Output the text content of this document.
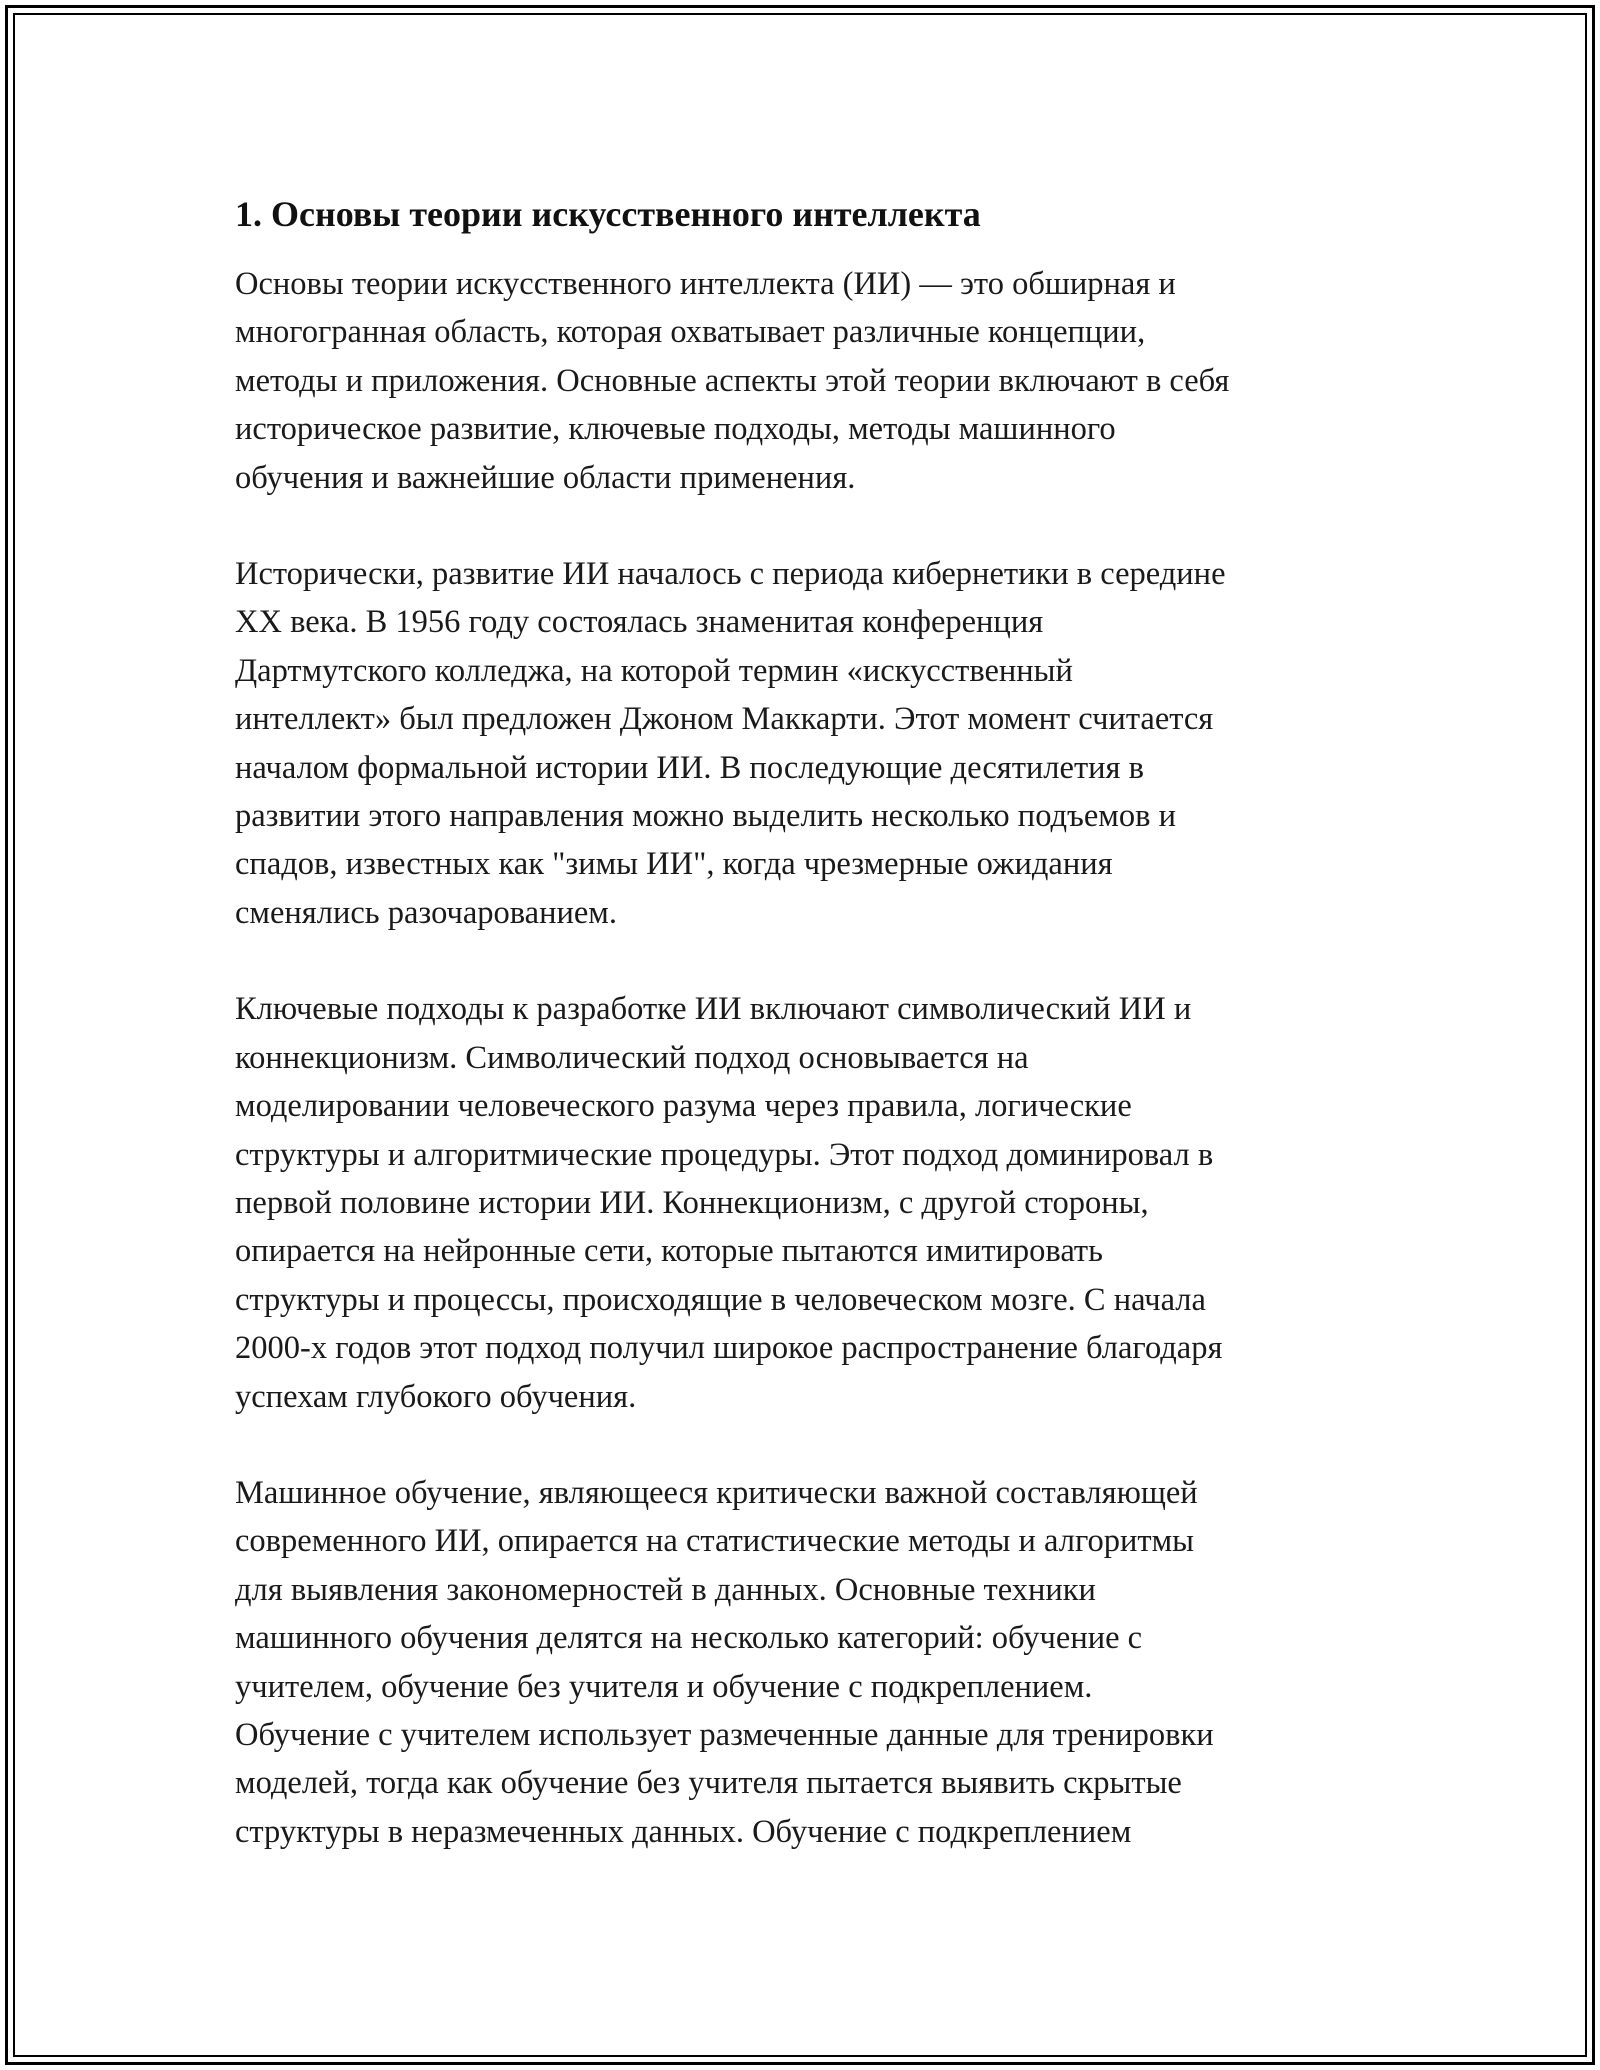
1. Основы теории искусственного интеллекта

Основы теории искусственного интеллекта (ИИ) — это обширная и
многогранная область, которая охватывает различные концепции,
методы и приложения. Основные аспекты этой теории включают в себя
историческое развитие, ключевые подходы, методы машинного
обучения и важнейшие области применения.

Исторически, развитие ИИ началось с периода кибернетики в середине
XX века. В 1956 году состоялась знаменитая конференция
Дартмутского колледжа, на которой термин «искусственный
интеллект» был предложен Джоном Маккарти. Этот момент считается
началом формальной истории ИИ. В последующие десятилетия в
развитии этого направления можно выделить несколько подъемов и
спадов, известных как "зимы ИИ", когда чрезмерные ожидания
сменялись разочарованием.

Ключевые подходы к разработке ИИ включают символический ИИ и
коннекционизм. Символический подход основывается на
моделировании человеческого разума через правила, логические
структуры и алгоритмические процедуры. Этот подход доминировал в
первой половине истории ИИ. Коннекционизм, с другой стороны,
опирается на нейронные сети, которые пытаются имитировать
структуры и процессы, происходящие в человеческом мозге. С начала
2000-х годов этот подход получил широкое распространение благодаря
успехам глубокого обучения.

Машинное обучение, являющееся критически важной составляющей
современного ИИ, опирается на статистические методы и алгоритмы
для выявления закономерностей в данных. Основные техники
машинного обучения делятся на несколько категорий: обучение с
учителем, обучение без учителя и обучение с подкреплением.
Обучение с учителем использует размеченные данные для тренировки
моделей, тогда как обучение без учителя пытается выявить скрытые
структуры в неразмеченных данных. Обучение с подкреплением
